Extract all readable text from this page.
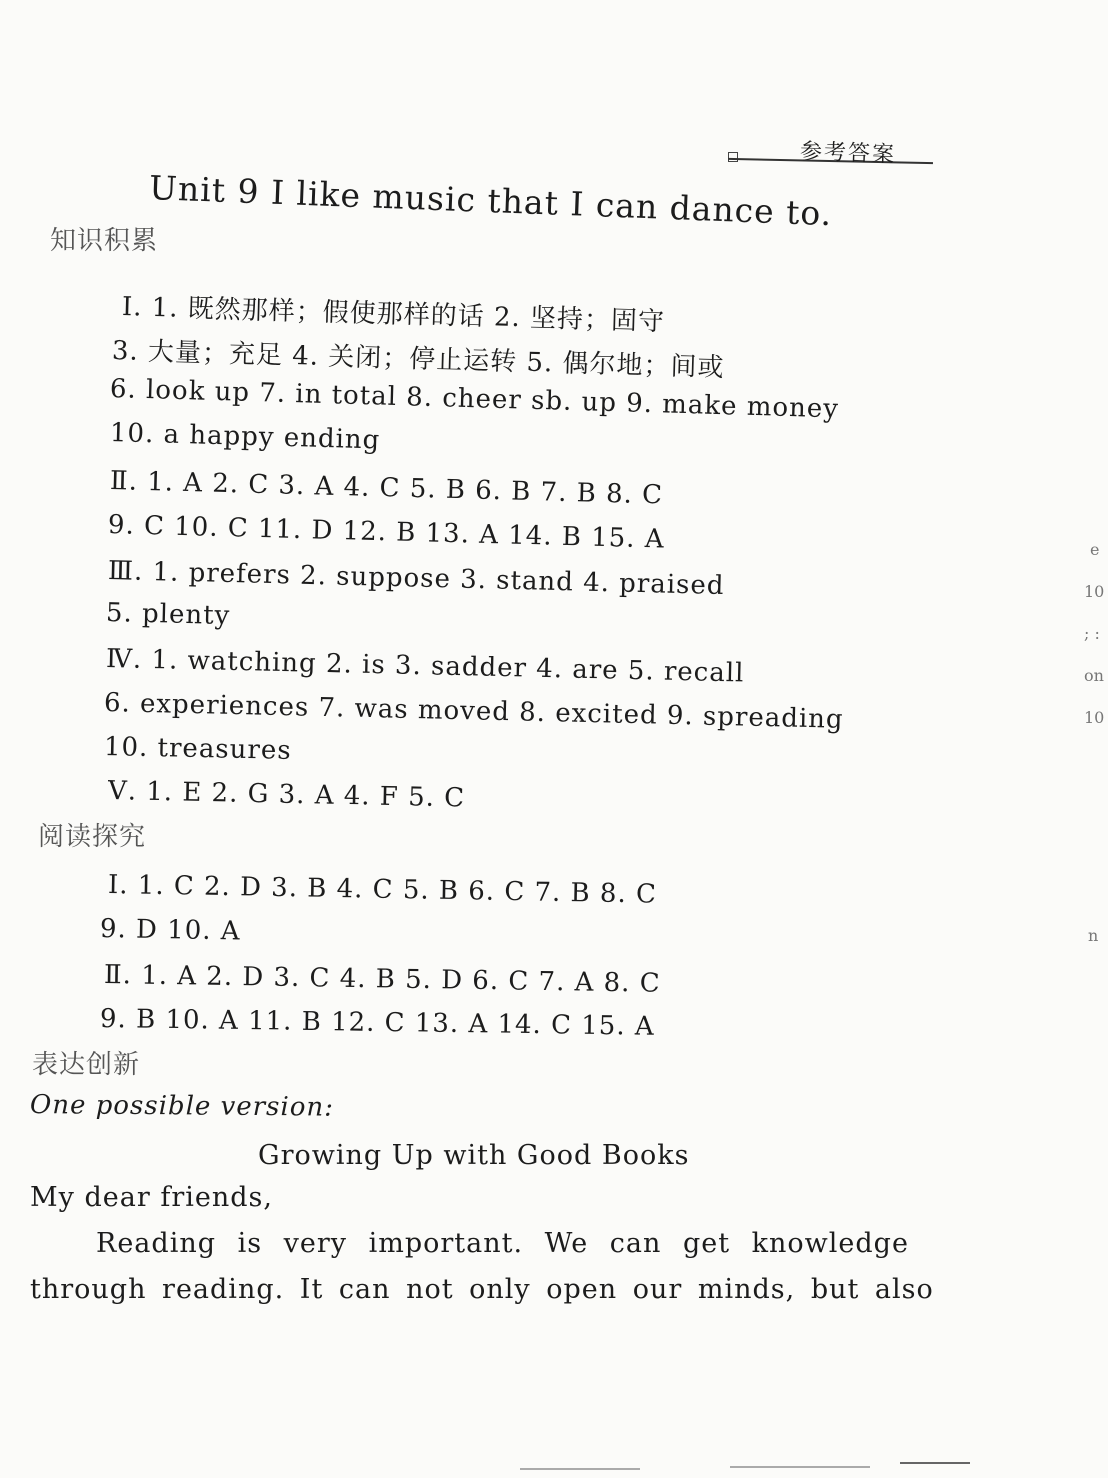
参考答案
Unit 9 I like music that I can dance to.
知识积累
Ⅰ. 1. 既然那样；假使那样的话 2. 坚持；固守
3. 大量；充足 4. 关闭；停止运转 5. 偶尔地；间或
6. look up 7. in total 8. cheer sb. up 9. make money
10. a happy ending
Ⅱ. 1. A 2. C 3. A 4. C 5. B 6. B 7. B 8. C
9. C 10. C 11. D 12. B 13. A 14. B 15. A
Ⅲ. 1. prefers 2. suppose 3. stand 4. praised
5. plenty
Ⅳ. 1. watching 2. is 3. sadder 4. are 5. recall
6. experiences 7. was moved 8. excited 9. spreading
10. treasures
Ⅴ. 1. E 2. G 3. A 4. F 5. C
阅读探究
Ⅰ. 1. C 2. D 3. B 4. C 5. B 6. C 7. B 8. C
9. D 10. A
Ⅱ. 1. A 2. D 3. C 4. B 5. D 6. C 7. A 8. C
9. B 10. A 11. B 12. C 13. A 14. C 15. A
表达创新
One possible version:
Growing Up with Good Books
My dear friends,
Reading is very important. We can get knowledge
through reading. It can not only open our minds, but also
e
10
; :
on
10
n
